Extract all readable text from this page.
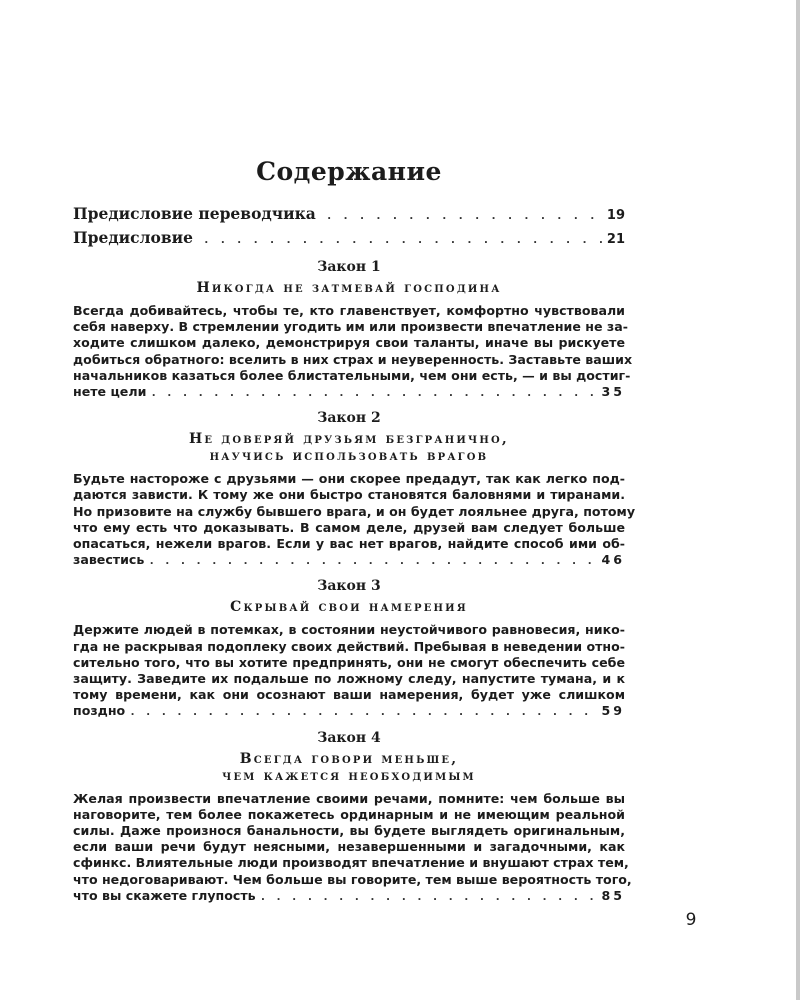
Содержание
Предисловие переводчика . . .	19
Предисловие . . .	21
Закон 1
Никогда не затмевай господина
Всегда добивайтесь, чтобы те, кто главенствует, комфортно чувствовали
себя наверху. В стремлении угодить им или произвести впечатление не за-
ходите слишком далеко, демонстрируя свои таланты, иначе вы рискуете
добиться обратного: вселить в них страх и неуверенность. Заставьте ваших
начальников казаться более блистательными, чем они есть, — и вы достиг-
нете цели . . .	35
Закон 2
Не доверяй друзьям безгранично,
научись использовать врагов
Будьте настороже с друзьями — они скорее предадут, так как легко под-
даются зависти. К тому же они быстро становятся баловнями и тиранами.
Но призовите на службу бывшего врага, и он будет лояльнее друга, потому
что ему есть что доказывать. В самом деле, друзей вам следует больше
опасаться, нежели врагов. Если у вас нет врагов, найдите способ ими об-
завестись . . .	46
Закон 3
Скрывай свои намерения
Держите людей в потемках, в состоянии неустойчивого равновесия, нико-
гда не раскрывая подоплеку своих действий. Пребывая в неведении отно-
сительно того, что вы хотите предпринять, они не смогут обеспечить себе
защиту. Заведите их подальше по ложному следу, напустите тумана, и к
тому времени, как они осознают ваши намерения, будет уже слишком
поздно . . .	59
Закон 4
Всегда говори меньше,
чем кажется необходимым
Желая произвести впечатление своими речами, помните: чем больше вы
наговорите, тем более покажетесь ординарным и не имеющим реальной
силы. Даже произнося банальности, вы будете выглядеть оригинальным,
если ваши речи будут неясными, незавершенными и загадочными, как
сфинкс. Влиятельные люди производят впечатление и внушают страх тем,
что недоговаривают. Чем больше вы говорите, тем выше вероятность того,
что вы скажете глупость . . .	85
9
